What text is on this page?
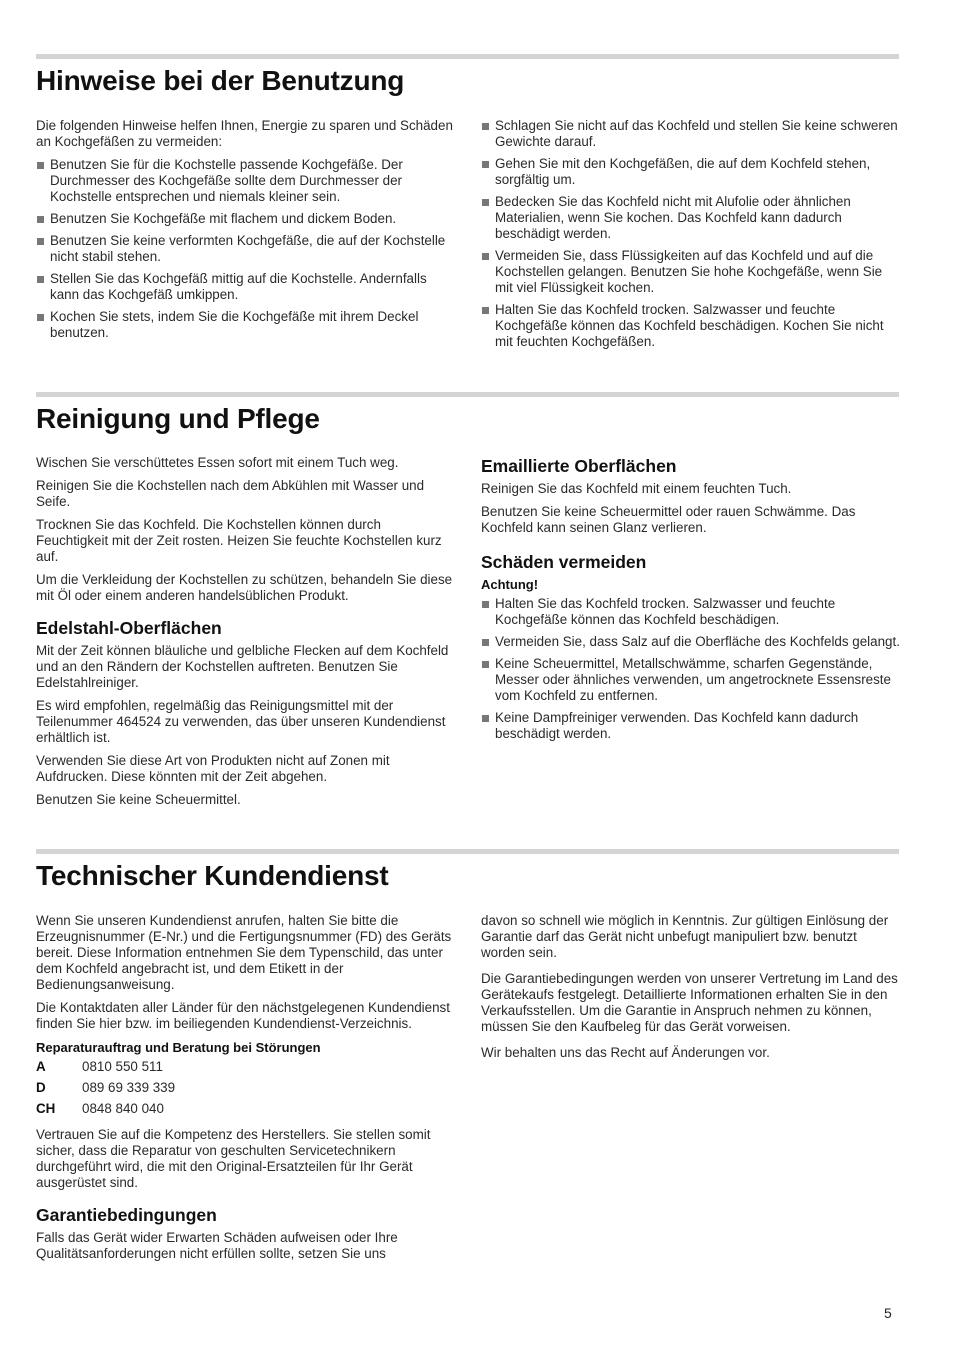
Hinweise bei der Benutzung

Die folgenden Hinweise helfen Ihnen, Energie zu sparen und Schäden an Kochgefäßen zu vermeiden:

Benutzen Sie für die Kochstelle passende Kochgefäße. Der Durchmesser des Kochgefäße sollte dem Durchmesser der Kochstelle entsprechen und niemals kleiner sein.
Benutzen Sie Kochgefäße mit flachem und dickem Boden.
Benutzen Sie keine verformten Kochgefäße, die auf der Kochstelle nicht stabil stehen.
Stellen Sie das Kochgefäß mittig auf die Kochstelle. Andernfalls kann das Kochgefäß umkippen.
Kochen Sie stets, indem Sie die Kochgefäße mit ihrem Deckel benutzen.
Schlagen Sie nicht auf das Kochfeld und stellen Sie keine schweren Gewichte darauf.
Gehen Sie mit den Kochgefäßen, die auf dem Kochfeld stehen, sorgfältig um.
Bedecken Sie das Kochfeld nicht mit Alufolie oder ähnlichen Materialien, wenn Sie kochen. Das Kochfeld kann dadurch beschädigt werden.
Vermeiden Sie, dass Flüssigkeiten auf das Kochfeld und auf die Kochstellen gelangen. Benutzen Sie hohe Kochgefäße, wenn Sie mit viel Flüssigkeit kochen.
Halten Sie das Kochfeld trocken. Salzwasser und feuchte Kochgefäße können das Kochfeld beschädigen. Kochen Sie nicht mit feuchten Kochgefäßen.
Reinigung und Pflege

Wischen Sie verschüttetes Essen sofort mit einem Tuch weg.

Reinigen Sie die Kochstellen nach dem Abkühlen mit Wasser und Seife.

Trocknen Sie das Kochfeld. Die Kochstellen können durch Feuchtigkeit mit der Zeit rosten. Heizen Sie feuchte Kochstellen kurz auf.

Um die Verkleidung der Kochstellen zu schützen, behandeln Sie diese mit Öl oder einem anderen handelsüblichen Produkt.

Edelstahl-Oberflächen

Mit der Zeit können bläuliche und gelbliche Flecken auf dem Kochfeld und an den Rändern der Kochstellen auftreten. Benutzen Sie Edelstahlreiniger.

Es wird empfohlen, regelmäßig das Reinigungsmittel mit der Teilenummer 464524 zu verwenden, das über unseren Kundendienst erhältlich ist.

Verwenden Sie diese Art von Produkten nicht auf Zonen mit Aufdrucken. Diese könnten mit der Zeit abgehen.

Benutzen Sie keine Scheuermittel.

Emaillierte Oberflächen

Reinigen Sie das Kochfeld mit einem feuchten Tuch.

Benutzen Sie keine Scheuermittel oder rauen Schwämme. Das Kochfeld kann seinen Glanz verlieren.

Schäden vermeiden
Achtung!
Halten Sie das Kochfeld trocken. Salzwasser und feuchte Kochgefäße können das Kochfeld beschädigen.
Vermeiden Sie, dass Salz auf die Oberfläche des Kochfelds gelangt.
Keine Scheuermittel, Metallschwämme, scharfen Gegenstände, Messer oder ähnliches verwenden, um angetrocknete Essensreste vom Kochfeld zu entfernen.
Keine Dampfreiniger verwenden. Das Kochfeld kann dadurch beschädigt werden.
Technischer Kundendienst

Wenn Sie unseren Kundendienst anrufen, halten Sie bitte die Erzeugnisnummer (E-Nr.) und die Fertigungsnummer (FD) des Geräts bereit. Diese Information entnehmen Sie dem Typenschild, das unter dem Kochfeld angebracht ist, und dem Etikett in der Bedienungsanweisung.

Die Kontaktdaten aller Länder für den nächstgelegenen Kundendienst finden Sie hier bzw. im beiliegenden Kundendienst-Verzeichnis.

Reparaturauftrag und Beratung bei Störungen
A	0810 550 511
D	089 69 339 339
CH	0848 840 040

Vertrauen Sie auf die Kompetenz des Herstellers. Sie stellen somit sicher, dass die Reparatur von geschulten Servicetechnikern durchgeführt wird, die mit den Original-Ersatzteilen für Ihr Gerät ausgerüstet sind.

Garantiebedingungen

Falls das Gerät wider Erwarten Schäden aufweisen oder Ihre Qualitätsanforderungen nicht erfüllen sollte, setzen Sie uns

davon so schnell wie möglich in Kenntnis. Zur gültigen Einlösung der Garantie darf das Gerät nicht unbefugt manipuliert bzw. benutzt worden sein.

Die Garantiebedingungen werden von unserer Vertretung im Land des Gerätekaufs festgelegt. Detaillierte Informationen erhalten Sie in den Verkaufsstellen. Um die Garantie in Anspruch nehmen zu können, müssen Sie den Kaufbeleg für das Gerät vorweisen.

Wir behalten uns das Recht auf Änderungen vor.

5
